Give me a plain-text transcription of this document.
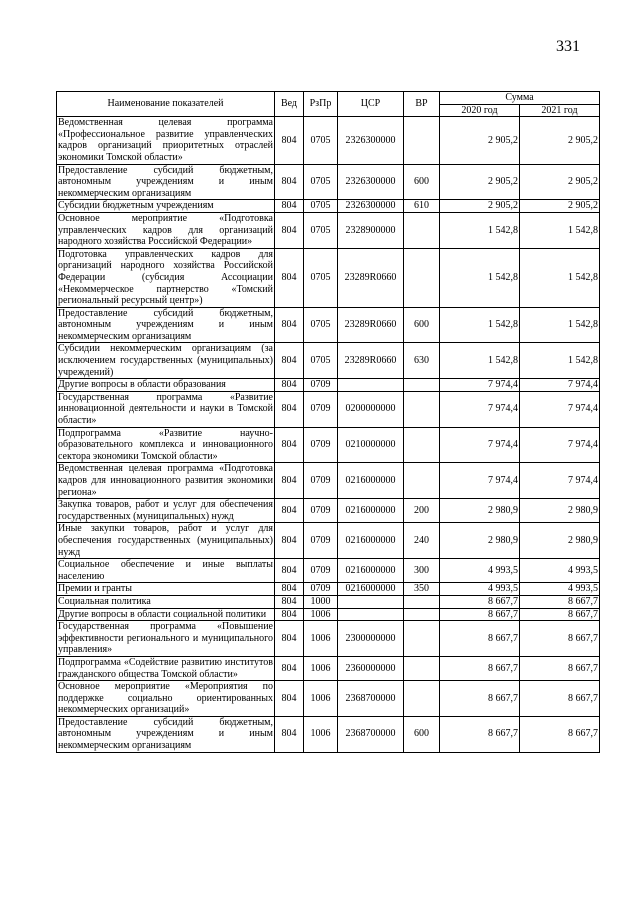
331
Наименование показателей	Вед	РзПр	ЦСР	ВР	Сумма	
					2020 год	2021 год
Ведомственная целевая программа «Профессиональное развитие управленческих кадров организаций приоритетных отраслей экономики Томской области»	804	0705	2326300000		2 905,2	2 905,2
Предоставление субсидий бюджетным, автономным учреждениям и иным некоммерческим организациям	804	0705	2326300000	600	2 905,2	2 905,2
Субсидии бюджетным учреждениям	804	0705	2326300000	610	2 905,2	2 905,2
Основное мероприятие «Подготовка управленческих кадров для организаций народного хозяйства Российской Федерации»	804	0705	2328900000		1 542,8	1 542,8
Подготовка управленческих кадров для организаций народного хозяйства Российской Федерации (субсидия Ассоциации «Некоммерческое партнерство «Томский региональный ресурсный центр»)	804	0705	23289R0660		1 542,8	1 542,8
Предоставление субсидий бюджетным, автономным учреждениям и иным некоммерческим организациям	804	0705	23289R0660	600	1 542,8	1 542,8
Субсидии некоммерческим организациям (за исключением государственных (муниципальных) учреждений)	804	0705	23289R0660	630	1 542,8	1 542,8
Другие вопросы в области образования	804	0709			7 974,4	7 974,4
Государственная программа «Развитие инновационной деятельности и науки в Томской области»	804	0709	0200000000		7 974,4	7 974,4
Подпрограмма «Развитие научно-образовательного комплекса и инновационного сектора экономики Томской области»	804	0709	0210000000		7 974,4	7 974,4
Ведомственная целевая программа «Подготовка кадров для инновационного развития экономики региона»	804	0709	0216000000		7 974,4	7 974,4
Закупка товаров, работ и услуг для обеспечения государственных (муниципальных) нужд	804	0709	0216000000	200	2 980,9	2 980,9
Иные закупки товаров, работ и услуг для обеспечения государственных (муниципальных) нужд	804	0709	0216000000	240	2 980,9	2 980,9
Социальное обеспечение и иные выплаты населению	804	0709	0216000000	300	4 993,5	4 993,5
Премии и гранты	804	0709	0216000000	350	4 993,5	4 993,5
Социальная политика	804	1000			8 667,7	8 667,7
Другие вопросы в области социальной политики	804	1006			8 667,7	8 667,7
Государственная программа «Повышение эффективности регионального и муниципального управления»	804	1006	2300000000		8 667,7	8 667,7
Подпрограмма «Содействие развитию институтов гражданского общества Томской области»	804	1006	2360000000		8 667,7	8 667,7
Основное мероприятие «Мероприятия по поддержке социально ориентированных некоммерческих организаций»	804	1006	2368700000		8 667,7	8 667,7
Предоставление субсидий бюджетным, автономным учреждениям и иным некоммерческим организациям	804	1006	2368700000	600	8 667,7	8 667,7
